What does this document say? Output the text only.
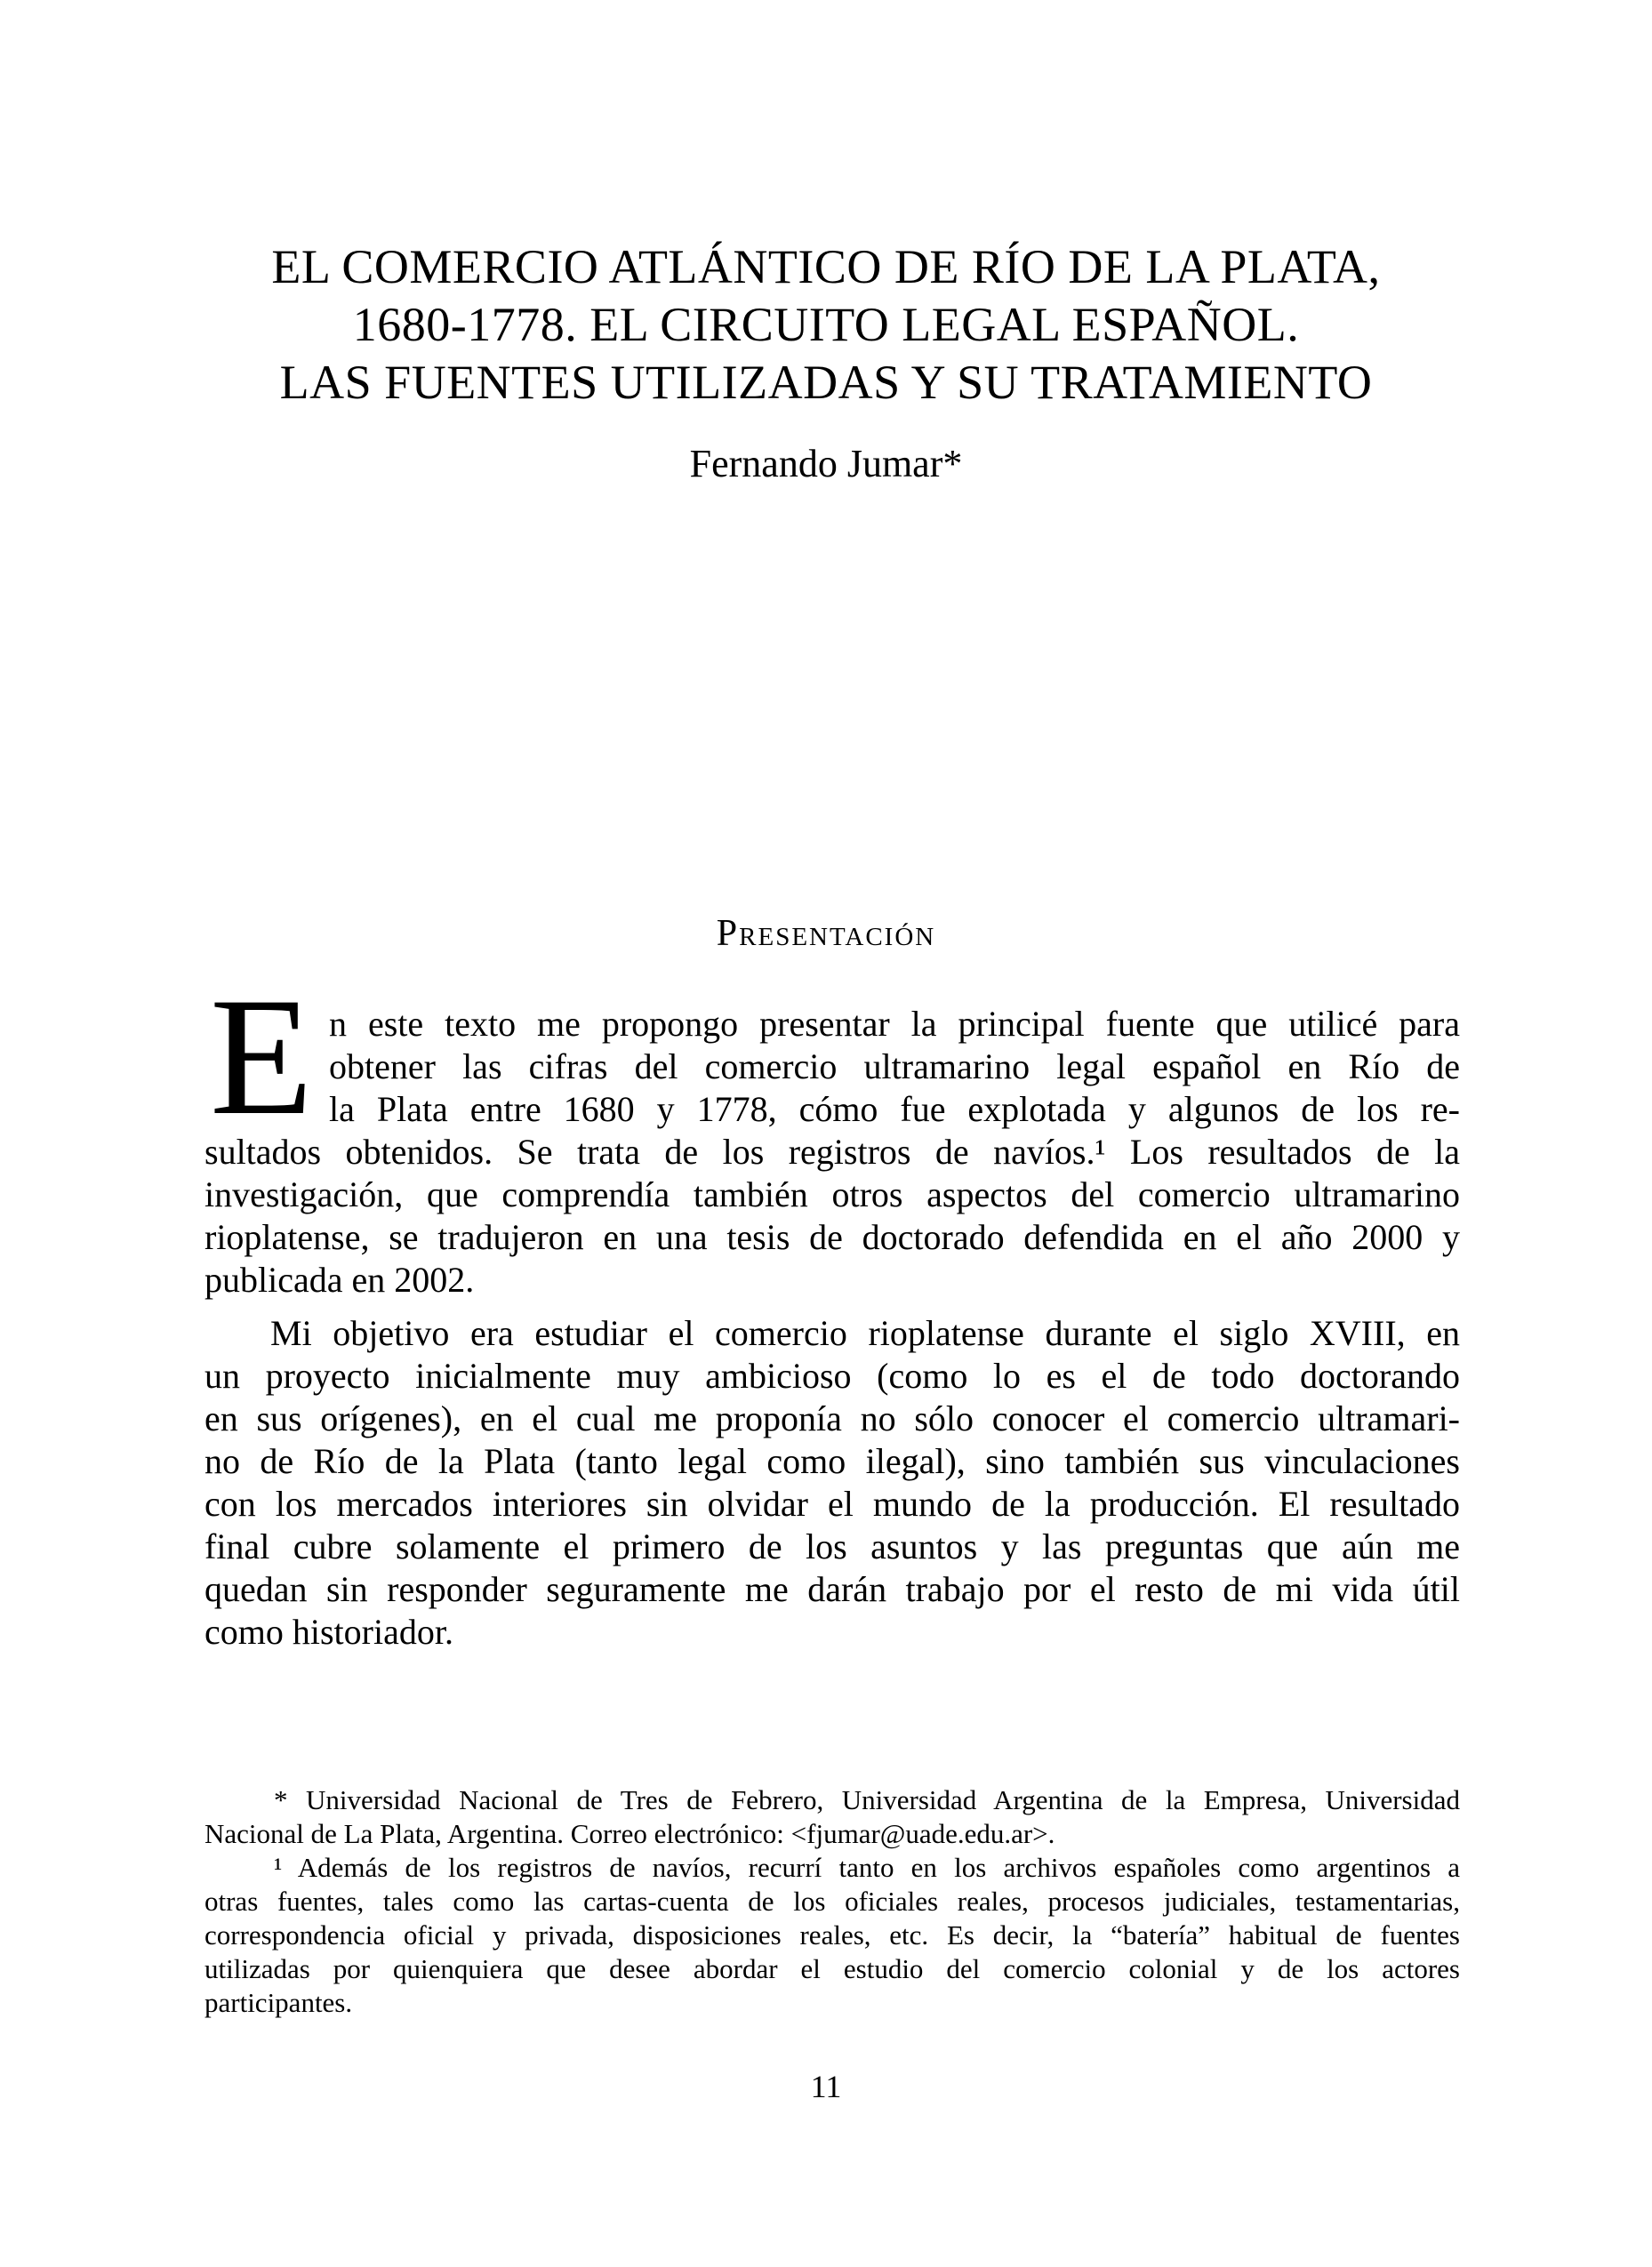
EL COMERCIO ATLÁNTICO DE RÍO DE LA PLATA,
1680-1778. EL CIRCUITO LEGAL ESPAÑOL.
LAS FUENTES UTILIZADAS Y SU TRATAMIENTO
Fernando Jumar*
Presentación
E n este texto me propongo presentar la principal fuente que utilicé para
obtener las cifras del comercio ultramarino legal español en Río de
la Plata entre 1680 y 1778, cómo fue explotada y algunos de los re-
sultados obtenidos. Se trata de los registros de navíos.¹ Los resultados de la
investigación, que comprendía también otros aspectos del comercio ultramarino
rioplatense, se tradujeron en una tesis de doctorado defendida en el año 2000 y
publicada en 2002.
Mi objetivo era estudiar el comercio rioplatense durante el siglo XVIII, en
un proyecto inicialmente muy ambicioso (como lo es el de todo doctorando
en sus orígenes), en el cual me proponía no sólo conocer el comercio ultramari-
no de Río de la Plata (tanto legal como ilegal), sino también sus vinculaciones
con los mercados interiores sin olvidar el mundo de la producción. El resultado
final cubre solamente el primero de los asuntos y las preguntas que aún me
quedan sin responder seguramente me darán trabajo por el resto de mi vida útil
como historiador.
* Universidad Nacional de Tres de Febrero, Universidad Argentina de la Empresa, Universidad
Nacional de La Plata, Argentina. Correo electrónico: <fjumar@uade.edu.ar>.
¹ Además de los registros de navíos, recurrí tanto en los archivos españoles como argentinos a
otras fuentes, tales como las cartas-cuenta de los oficiales reales, procesos judiciales, testamentarias,
correspondencia oficial y privada, disposiciones reales, etc. Es decir, la “batería” habitual de fuentes
utilizadas por quienquiera que desee abordar el estudio del comercio colonial y de los actores
participantes.
11
